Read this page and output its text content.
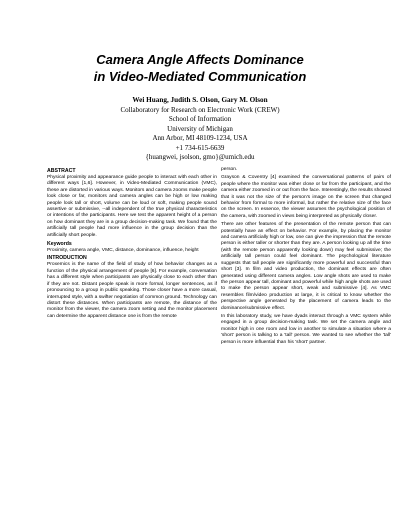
Camera Angle Affects Dominance
in Video-Mediated Communication
Wei Huang, Judith S. Olson, Gary M. Olson
Collaboratory for Research on Electronic Work (CREW)
School of Information
University of Michigan
Ann Arbor, MI 48109-1234, USA
+1 734-615-6639
{huangwei, jsolson, gmo}@umich.edu
ABSTRACT
Physical proximity and appearance guide people to interact with each other in different ways [1,6]. However, in Video-Mediated Communication (VMC), these are distorted in various ways. Monitors and camera zooms make people look close or far, monitors and camera angles can be high or low making people look tall or short, volume can be loud or soft, making people sound assertive or submissive, --all independent of the true physical characteristics or intentions of the participants. Here we test the apparent height of a person on how dominant they are in a group decision-making task. We found that the artificially tall people had more influence in the group decision than the artificially short people.
Keywords
Proximity, camera angle, VMC, distance, dominance, influence, height
INTRODUCTION
Proxemics is the name of the field of study of how behavior changes as a function of the physical arrangement of people [6]. For example, conversation has a different style when participants are physically close to each other than if they are not. Distant people speak in more formal, longer sentences, as if pronouncing to a group in public speaking. Those closer have a more casual, interrupted style, with a swifter negotiation of common ground. Technology can distort these distances. When participants are remote, the distance of the monitor from the viewer, the camera zoom setting and the monitor placement can determine the apparent distance one is from the remote
person.
Grayson & Coventry [4] examined the conversational patterns of pairs of people where the monitor was either close or far from the participant, and the camera either zoomed in or out from the face. Interestingly, the results showed that it was not the size of the person's image on the screen that changed behavior from formal to more informal, but rather the relative size of the face on the screen. In essence, the viewer assumes the psychological position of the camera, with zoomed in views being interpreted as physically closer.
There are other features of the presentation of the remote person that can potentially have an effect on behavior. For example, by placing the monitor and camera artificially high or low, one can give the impression that the remote person is either taller or shorter than they are. A person looking up all the time (with the remote person apparently looking down) may feel submissive; the artificially tall person could feel dominant. The psychological literature suggests that tall people are significantly more powerful and successful than short [3]. In film and video production, the dominant effects are often generated using different camera angles. Low angle shots are used to make the person appear tall, dominant and powerful while high angle shots are used to make the person appear short, weak and submissive [4]. As VMC resembles film/video production at large, it is critical to know whether the perspective angle generated by the placement of camera leads to the dominance/submissive effect.
In this laboratory study, we have dyads interact through a VMC system while engaged in a group decision-making task. We set the camera angle and monitor high in one room and low in another to simulate a situation where a 'short' person is talking to a 'tall' person. We wanted to see whether the 'tall' person is more influential than his 'short' partner.
